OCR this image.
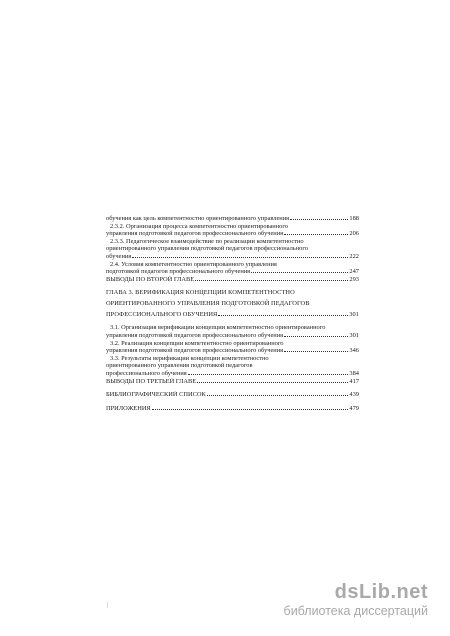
обучения как цель компетентностно ориентированного управления	188
2.3.2. Организация процесса компетентностно ориентированного
управления подготовкой педагогов профессионального обучения	206
2.3.3. Педагогическое взаимодействие по реализации компетентностно
ориентированного управления подготовкой педагогов профессионального
обучения	222
2.4. Условия компетентностно ориентированного управления
подготовкой педагогов профессионального обучения	247
ВЫВОДЫ ПО ВТОРОЙ ГЛАВЕ	293
ГЛАВА 3. ВЕРИФИКАЦИЯ КОНЦЕПЦИИ КОМПЕТЕНТНОСТНО
ОРИЕНТИРОВАННОГО УПРАВЛЕНИЯ ПОДГОТОВКОЙ ПЕДАГОГОВ
ПРОФЕССИОНАЛЬНОГО ОБУЧЕНИЯ	301
3.1. Организация верификации концепции компетентностно ориентированного
управления подготовкой педагогов профессионального обучения	301
3.2. Реализация концепции компетентностно ориентированного
управления подготовкой педагогов профессионального обучения	346
3.3. Результаты верификации концепции компетентностно
ориентированного управления подготовкой педагогов
профессионального обучения	384
ВЫВОДЫ ПО ТРЕТЬЕЙ ГЛАВЕ	417
БИБЛИОГРАФИЧЕСКИЙ СПИСОК	439
ПРИЛОЖЕНИЯ	479
dsLib.net
библиотека диссертаций
